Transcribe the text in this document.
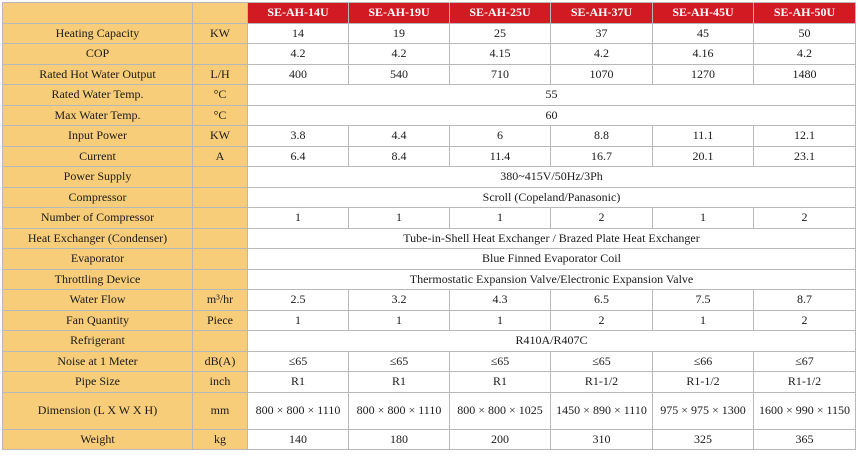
		SE-AH-14U	SE-AH-19U	SE-AH-25U	SE-AH-37U	SE-AH-45U	SE-AH-50U
Heating Capacity	KW	14	19	25	37	45	50
COP		4.2	4.2	4.15	4.2	4.16	4.2
Rated Hot Water Output	L/H	400	540	710	1070	1270	1480
Rated Water Temp.	°C	55					
Max Water Temp.	°C	60					
Input Power	KW	3.8	4.4	6	8.8	11.1	12.1
Current	A	6.4	8.4	11.4	16.7	20.1	23.1
Power Supply		380~415V/50Hz/3Ph					
Compressor		Scroll (Copeland/Panasonic)					
Number of Compressor		1	1	1	2	1	2
Heat Exchanger (Condenser)		Tube-in-Shell Heat Exchanger / Brazed Plate Heat Exchanger					
Evaporator		Blue Finned Evaporator Coil					
Throttling Device		Thermostatic Expansion Valve/Electronic Expansion Valve					
Water Flow	m³/hr	2.5	3.2	4.3	6.5	7.5	8.7
Fan Quantity	Piece	1	1	1	2	1	2
Refrigerant		R410A/R407C					
Noise at 1 Meter	dB(A)	≤65	≤65	≤65	≤65	≤66	≤67
Pipe Size	inch	R1	R1	R1	R1-1/2	R1-1/2	R1-1/2
Dimension (L X W X H)	mm	800 × 800 × 1110	800 × 800 × 1110	800 × 800 × 1025	1450 × 890 × 1110	975 × 975 × 1300	1600 × 990 × 1150
Weight	kg	140	180	200	310	325	365
